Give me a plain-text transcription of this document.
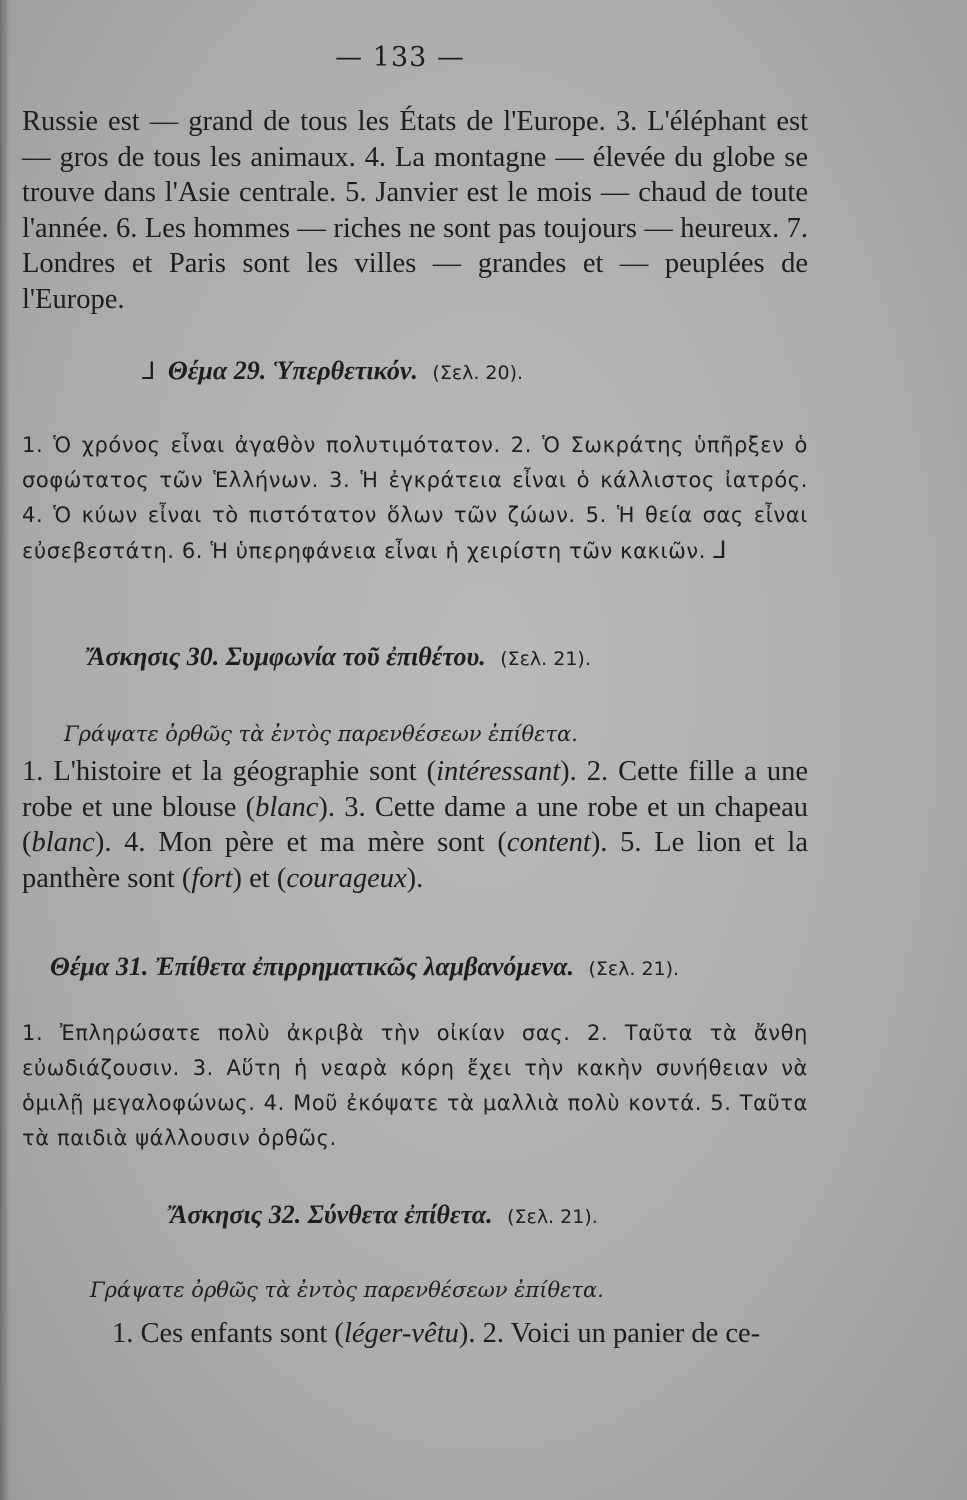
— 133 —

Russie est — grand de tous les États de l'Europe. 3. L'éléphant est — gros de tous les animaux. 4. La montagne — élevée du globe se trouve dans l'Asie centrale. 5. Janvier est le mois — chaud de toute l'année. 6. Les hommes — riches ne sont pas toujours — heureux. 7. Londres et Paris sont les villes — grandes et — peuplées de l'Europe.

⅃ Θέμα 29. Ὑπερθετικόν. (Σελ. 20).

1. Ὁ χρόνος εἶναι ἀγαθὸν πολυτιμότατον. 2. Ὁ Σωκράτης ὑπῆρξεν ὁ σοφώτατος τῶν Ἑλλήνων. 3. Ἡ ἐγκράτεια εἶναι ὁ κάλλιστος ἰατρός. 4. Ὁ κύων εἶναι τὸ πιστότατον ὅλων τῶν ζώων. 5. Ἡ θεία σας εἶναι εὐσεβεστάτη. 6. Ἡ ὑπερηφάνεια εἶναι ἡ χειρίστη τῶν κακιῶν. ⅃

Ἄσκησις 30. Συμφωνία τοῦ ἐπιθέτου. (Σελ. 21).
Γράψατε ὀρθῶς τὰ ἐντὸς παρενθέσεων ἐπίθετα.

1. L'histoire et la géographie sont (intéressant). 2. Cette fille a une robe et une blouse (blanc). 3. Cette dame a une robe et un chapeau (blanc). 4. Mon père et ma mère sont (content). 5. Le lion et la panthère sont (fort) et (courageux).

Θέμα 31. Ἐπίθετα ἐπιρρηματικῶς λαμβανόμενα. (Σελ. 21).

1. Ἐπληρώσατε πολὺ ἀκριβὰ τὴν οἰκίαν σας. 2. Ταῦτα τὰ ἄνθη εὐωδιάζουσιν. 3. Αὕτη ἡ νεαρὰ κόρη ἔχει τὴν κακὴν συνήθειαν νὰ ὁμιλῇ μεγαλοφώνως. 4. Μοῦ ἐκόψατε τὰ μαλλιὰ πολὺ κοντά. 5. Ταῦτα τὰ παιδιὰ ψάλλουσιν ὀρθῶς.

Ἄσκησις 32. Σύνθετα ἐπίθετα. (Σελ. 21).
Γράψατε ὀρθῶς τὰ ἐντὸς παρενθέσεων ἐπίθετα.

1. Ces enfants sont (léger-vêtu). 2. Voici un panier de ce-
